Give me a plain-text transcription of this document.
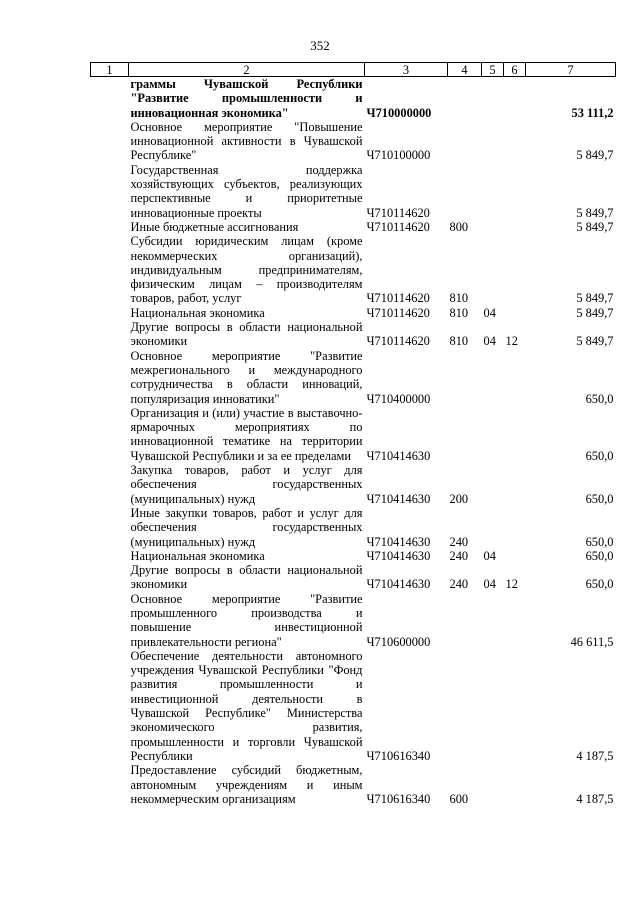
352
1	2	3	4	5	6	7
	граммы Чувашской Республики "Развитие промышленности и инновационная экономика"	Ч710000000				53 111,2
	Основное мероприятие "Повышение инновационной активности в Чувашской Республике"	Ч710100000				5 849,7
	Государственная поддержка хозяйствующих субъектов, реализующих перспективные и приоритетные инновационные проекты	Ч710114620				5 849,7
	Иные бюджетные ассигнования	Ч710114620	800			5 849,7
	Субсидии юридическим лицам (кроме некоммерческих организаций), индивидуальным предпринимателям, физическим лицам – производителям товаров, работ, услуг	Ч710114620	810			5 849,7
	Национальная экономика	Ч710114620	810	04		5 849,7
	Другие вопросы в области национальной экономики	Ч710114620	810	04	12	5 849,7
	Основное мероприятие "Развитие межрегионального и международного сотрудничества в области инноваций, популяризация инноватики"	Ч710400000				650,0
	Организация и (или) участие в выставочно-ярмарочных мероприятиях по инновационной тематике на территории Чувашской Республики и за ее пределами	Ч710414630				650,0
	Закупка товаров, работ и услуг для обеспечения государственных (муниципальных) нужд	Ч710414630	200			650,0
	Иные закупки товаров, работ и услуг для обеспечения государственных (муниципальных) нужд	Ч710414630	240			650,0
	Национальная экономика	Ч710414630	240	04		650,0
	Другие вопросы в области национальной экономики	Ч710414630	240	04	12	650,0
	Основное мероприятие "Развитие промышленного производства и повышение инвестиционной привлекательности региона"	Ч710600000				46 611,5
	Обеспечение деятельности автономного учреждения Чувашской Республики "Фонд развития промышленности и инвестиционной деятельности в Чувашской Республике" Министерства экономического развития, промышленности и торговли Чувашской Республики	Ч710616340				4 187,5
	Предоставление субсидий бюджетным, автономным учреждениям и иным некоммерческим организациям	Ч710616340	600			4 187,5
